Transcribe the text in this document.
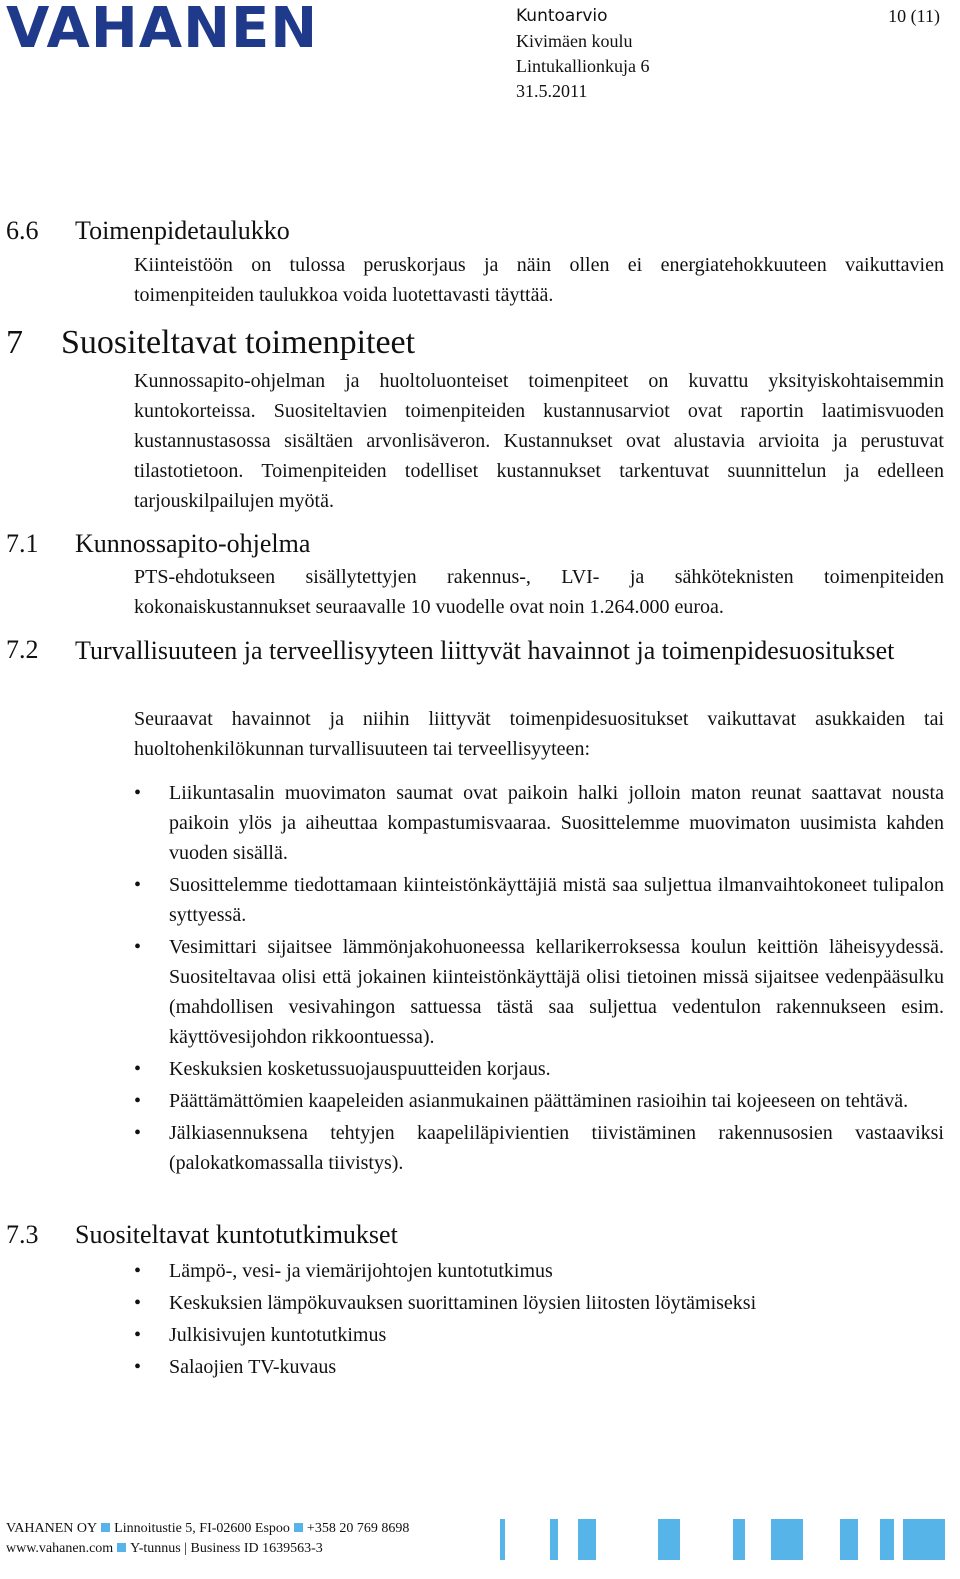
VAHANEN	Kuntoarvio
Kivimäen koulu
Lintukallionkuja 6
31.5.2011
10 (11)
6.6 Toimenpidetaulukko
Kiinteistöön on tulossa peruskorjaus ja näin ollen ei energiatehokkuuteen vaikuttavien toimenpiteiden taulukkoa voida luotettavasti täyttää.
7 Suositeltavat toimenpiteet
Kunnossapito-ohjelman ja huoltoluonteiset toimenpiteet on kuvattu yksityiskohtaisemmin kuntokorteissa. Suositeltavien toimenpiteiden kustannusarviot ovat raportin laatimisvuoden kustannustasossa sisältäen arvonlisäveron. Kustannukset ovat alustavia arvioita ja perustuvat tilastotietoon. Toimenpiteiden todelliset kustannukset tarkentuvat suunnittelun ja edelleen tarjouskilpailujen myötä.
7.1 Kunnossapito-ohjelma
PTS-ehdotukseen sisällytettyjen rakennus-, LVI- ja sähköteknisten toimenpiteiden kokonaiskustannukset seuraavalle 10 vuodelle ovat noin 1.264.000 euroa.
7.2 Turvallisuuteen ja terveellisyyteen liittyvät havainnot ja toimenpidesuositukset
Seuraavat havainnot ja niihin liittyvät toimenpidesuositukset vaikuttavat asukkaiden tai huoltohenkilökunnan turvallisuuteen tai terveellisyyteen:
• Liikuntasalin muovimaton saumat ovat paikoin halki jolloin maton reunat saattavat nousta paikoin ylös ja aiheuttaa kompastumisvaaraa. Suosittelemme muovimaton uusimista kahden vuoden sisällä.
• Suosittelemme tiedottamaan kiinteistönkäyttäjiä mistä saa suljettua ilmanvaihtokoneet tulipalon syttyessä.
• Vesimittari sijaitsee lämmönjakohuoneessa kellarikerroksessa koulun keittiön läheisyydessä. Suositeltavaa olisi että jokainen kiinteistönkäyttäjä olisi tietoinen missä sijaitsee vedenpääsulku (mahdollisen vesivahingon sattuessa tästä saa suljettua vedentulon rakennukseen esim. käyttövesijohdon rikkoontuessa).
• Keskuksien kosketussuojauspuutteiden korjaus.
• Päättämättömien kaapeleiden asianmukainen päättäminen rasioihin tai kojeeseen on tehtävä.
• Jälkiasennuksena tehtyjen kaapeliläpivientien tiivistäminen rakennusosien vastaaviksi (palokatkomassalla tiivistys).
7.3 Suositeltavat kuntotutkimukset
• Lämpö-, vesi- ja viemärijohtojen kuntotutkimus
• Keskuksien lämpökuvauksen suorittaminen löysien liitosten löytämiseksi
• Julkisivujen kuntotutkimus
• Salaojien TV-kuvaus
VAHANEN OY Linnoitustie 5, FI-02600 Espoo +358 20 769 8698
www.vahanen.com Y-tunnus | Business ID 1639563-3
